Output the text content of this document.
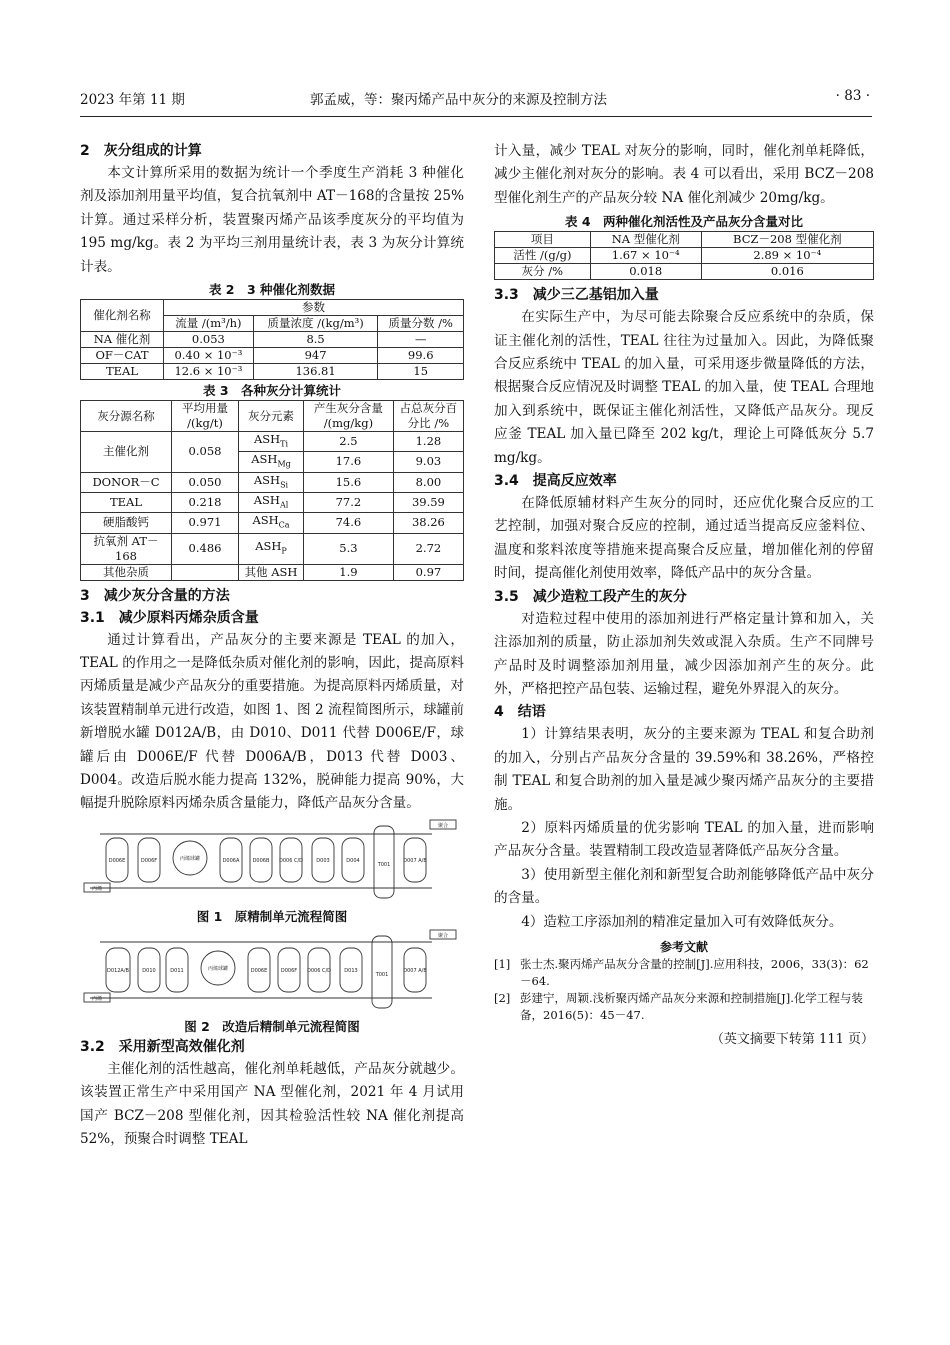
2023 年第 11 期	郭孟威，等：聚丙烯产品中灰分的来源及控制方法	· 83 ·

2　灰分组成的计算

本文计算所采用的数据为统计一个季度生产消耗 3 种催化剂及添加剂用量平均值，复合抗氧剂中 AT－168的含量按 25%计算。通过采样分析，装置聚丙烯产品该季度灰分的平均值为 195 mg/kg。表 2 为平均三剂用量统计表，表 3 为灰分计算统计表。

表 2　3 种催化剂数据

催化剂名称	参数		
	流量 /(m³/h)	质量浓度 /(kg/m³)	质量分数 /%
NA 催化剂	0.053	8.5	—
OF－CAT	0.40 × 10⁻³	947	99.6
TEAL	12.6 × 10⁻³	136.81	15

表 3　各种灰分计算统计

灰分源名称	平均用量 /(kg/t)	灰分元素	产生灰分含量 /(mg/kg)	占总灰分百分比 /%
主催化剂	0.058	$ASH_{Ti}$	2.5	1.28
		$ASH_{Mg}$	17.6	9.03
DONOR－C	0.050	$ASH_{Si}$	15.6	8.00
TEAL	0.218	$ASH_{Al}$	77.2	39.59
硬脂酸钙	0.971	$ASH_{Ca}$	74.6	38.26
抗氧剂 AT－168	0.486	$ASH_P$	5.3	2.72
其他杂质		其他 ASH	1.9	0.97

3　减少灰分含量的方法

3.1　减少原料丙烯杂质含量

通过计算看出，产品灰分的主要来源是 TEAL 的加入，TEAL 的作用之一是降低杂质对催化剂的影响，因此，提高原料丙烯质量是减少产品灰分的重要措施。为提高原料丙烯质量，对该装置精制单元进行改造，如图 1、图 2 流程简图所示，球罐前新增脱水罐 D012A/B，由 D010、D011 代替 D006E/F，球罐后由 D006E/F 代替 D006A/B，D013 代替 D003、D004。改造后脱水能力提高 132%，脱砷能力提高 90%，大幅提升脱除原料丙烯杂质含量能力，降低产品灰分含量。

D006E	D006F	丙烯球罐	D006A	D006B D006 C/D	D003	D004
T001
D007 A/B
丙烯
聚合

图 1　原精制单元流程简图

D012A/B	D010	D011	丙烯球罐	D006E	D006F D006 C/D	D013
T001
D007 A/B
丙烯
聚合

图 2　改造后精制单元流程简图

3.2　采用新型高效催化剂

主催化剂的活性越高，催化剂单耗越低，产品灰分就越少。该装置正常生产中采用国产 NA 型催化剂，2021 年 4 月试用国产 BCZ－208 型催化剂，因其检验活性较 NA 催化剂提高 52%，预聚合时调整 TEAL

计入量，减少 TEAL 对灰分的影响，同时，催化剂单耗降低，减少主催化剂对灰分的影响。表 4 可以看出，采用 BCZ－208 型催化剂生产的产品灰分较 NA 催化剂减少 20mg/kg。

表 4　两种催化剂活性及产品灰分含量对比

项目	NA 型催化剂	BCZ－208 型催化剂
活性 /(g/g)	1.67 × 10⁻⁴	2.89 × 10⁻⁴
灰分 /%	0.018	0.016

3.3　减少三乙基铝加入量

在实际生产中，为尽可能去除聚合反应系统中的杂质，保证主催化剂的活性，TEAL 往往为过量加入。因此，为降低聚合反应系统中 TEAL 的加入量，可采用逐步微量降低的方法，根据聚合反应情况及时调整 TEAL 的加入量，使 TEAL 合理地加入到系统中，既保证主催化剂活性，又降低产品灰分。现反应釜 TEAL 加入量已降至 202 kg/t，理论上可降低灰分 5.7 mg/kg。

3.4　提高反应效率

在降低原辅材料产生灰分的同时，还应优化聚合反应的工艺控制，加强对聚合反应的控制，通过适当提高反应釜料位、温度和浆料浓度等措施来提高聚合反应量，增加催化剂的停留时间，提高催化剂使用效率，降低产品中的灰分含量。

3.5　减少造粒工段产生的灰分

对造粒过程中使用的添加剂进行严格定量计算和加入，关注添加剂的质量，防止添加剂失效或混入杂质。生产不同牌号产品时及时调整添加剂用量，减少因添加剂产生的灰分。此外，严格把控产品包装、运输过程，避免外界混入的灰分。

4　结语

1）计算结果表明，灰分的主要来源为 TEAL 和复合助剂的加入，分别占产品灰分含量的 39.59%和 38.26%，严格控制 TEAL 和复合助剂的加入量是减少聚丙烯产品灰分的主要措施。

2）原料丙烯质量的优劣影响 TEAL 的加入量，进而影响产品灰分含量。装置精制工段改造显著降低产品灰分含量。

3）使用新型主催化剂和新型复合助剂能够降低产品中灰分的含量。

4）造粒工序添加剂的精准定量加入可有效降低灰分。

参考文献

[1] 张士杰.聚丙烯产品灰分含量的控制[J].应用科技，2006，33(3)：62－64.

[2] 彭建宁，周颖.浅析聚丙烯产品灰分来源和控制措施[J].化学工程与装备，2016(5)：45－47.

（英文摘要下转第 111 页）
